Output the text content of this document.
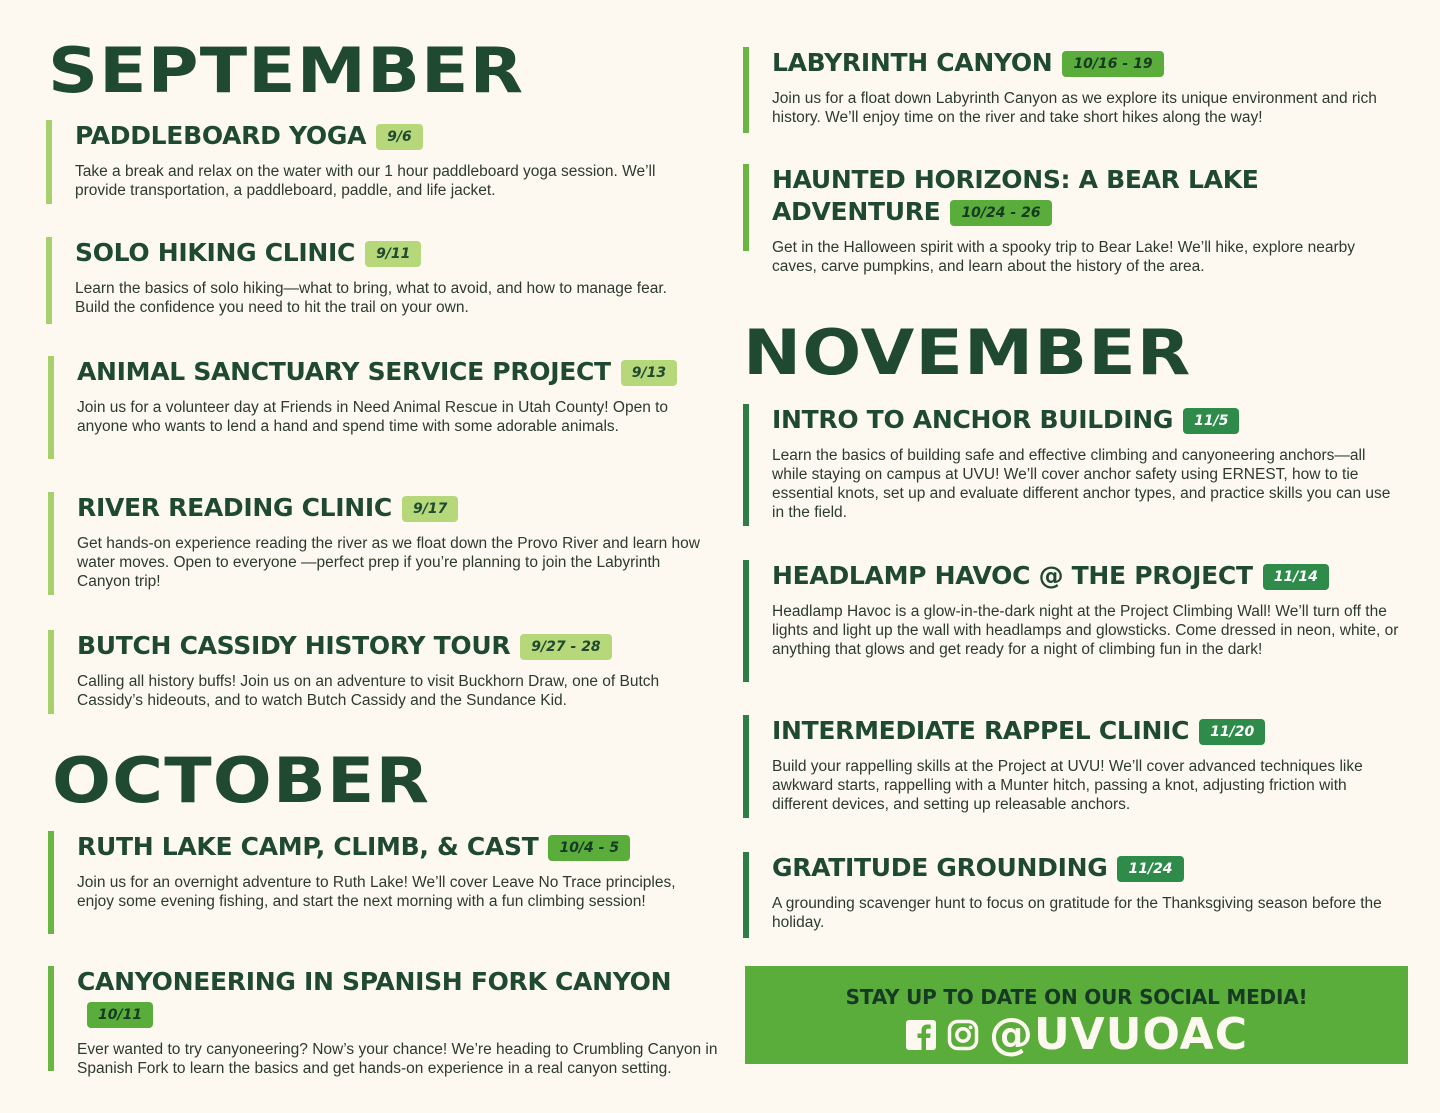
SEPTEMBER
OCTOBER
NOVEMBER
PADDLEBOARD YOGA 9/6
Take a break and relax on the water with our 1 hour paddleboard yoga session. We’ll provide transportation, a paddleboard, paddle, and life jacket.
SOLO HIKING CLINIC 9/11
Learn the basics of solo hiking—what to bring, what to avoid, and how to manage fear. Build the confidence you need to hit the trail on your own.
ANIMAL SANCTUARY SERVICE PROJECT 9/13
Join us for a volunteer day at Friends in Need Animal Rescue in Utah County! Open to anyone who wants to lend a hand and spend time with some adorable animals.
RIVER READING CLINIC 9/17
Get hands-on experience reading the river as we float down the Provo River and learn how water moves. Open to everyone —perfect prep if you’re planning to join the Labyrinth Canyon trip!
BUTCH CASSIDY HISTORY TOUR 9/27 - 28
Calling all history buffs! Join us on an adventure to visit Buckhorn Draw, one of Butch Cassidy’s hideouts, and to watch Butch Cassidy and the Sundance Kid.
RUTH LAKE CAMP, CLIMB, & CAST 10/4 - 5
Join us for an overnight adventure to Ruth Lake! We’ll cover Leave No Trace principles, enjoy some evening fishing, and start the next morning with a fun climbing session!
CANYONEERING IN SPANISH FORK CANYON10/11
Ever wanted to try canyoneering? Now’s your chance! We’re heading to Crumbling Canyon in Spanish Fork to learn the basics and get hands-on experience in a real canyon setting.
LABYRINTH CANYON 10/16 - 19
Join us for a float down Labyrinth Canyon as we explore its unique environment and rich history. We’ll enjoy time on the river and take short hikes along the way!
HAUNTED HORIZONS: A BEAR LAKE ADVENTURE 10/24 - 26
Get in the Halloween spirit with a spooky trip to Bear Lake! We’ll hike, explore nearby caves, carve pumpkins, and learn about the history of the area.
INTRO TO ANCHOR BUILDING 11/5
Learn the basics of building safe and effective climbing and canyoneering anchors—all while staying on campus at UVU! We’ll cover anchor safety using ERNEST, how to tie essential knots, set up and evaluate different anchor types, and practice skills you can use in the field.
HEADLAMP HAVOC @ THE PROJECT 11/14
Headlamp Havoc is a glow-in-the-dark night at the Project Climbing Wall! We’ll turn off the lights and light up the wall with headlamps and glowsticks. Come dressed in neon, white, or anything that glows and get ready for a night of climbing fun in the dark!
INTERMEDIATE RAPPEL CLINIC 11/20
Build your rappelling skills at the Project at UVU! We’ll cover advanced techniques like awkward starts, rappelling with a Munter hitch, passing a knot, adjusting friction with different devices, and setting up releasable anchors.
GRATITUDE GROUNDING 11/24
A grounding scavenger hunt to focus on gratitude for the Thanksgiving season before the holiday.
STAY UP TO DATE ON OUR SOCIAL MEDIA!
@UVUOAC
